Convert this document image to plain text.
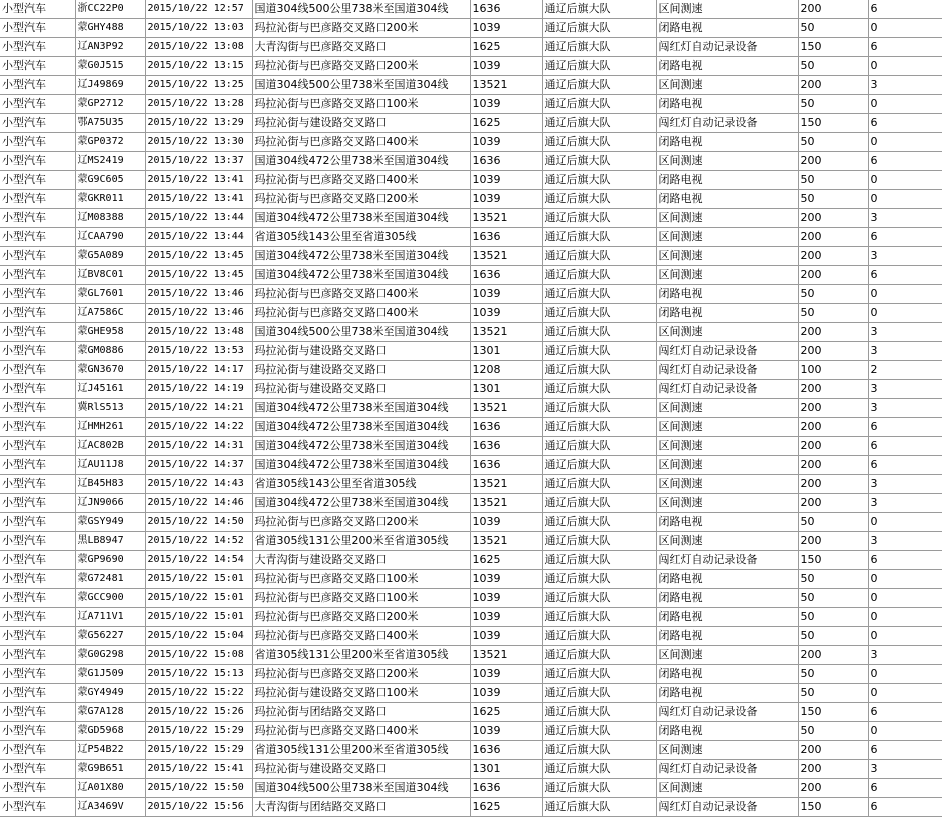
小型汽车	浙CC22P0	2015/10/22 12:57	国道304线500公里738米至国道304线	1636	通辽后旗大队	区间测速	200	6
小型汽车	蒙GHY488	2015/10/22 13:03	玛拉沁街与巴彦路交叉路口200米	1039	通辽后旗大队	闭路电视	50	0
小型汽车	辽AN3P92	2015/10/22 13:08	大青沟街与巴彦路交叉路口	1625	通辽后旗大队	闯红灯自动记录设备	150	6
小型汽车	蒙G0J515	2015/10/22 13:15	玛拉沁街与巴彦路交叉路口200米	1039	通辽后旗大队	闭路电视	50	0
小型汽车	辽J49869	2015/10/22 13:25	国道304线500公里738米至国道304线	13521	通辽后旗大队	区间测速	200	3
小型汽车	蒙GP2712	2015/10/22 13:28	玛拉沁街与巴彦路交叉路口100米	1039	通辽后旗大队	闭路电视	50	0
小型汽车	鄂A75U35	2015/10/22 13:29	玛拉沁街与建设路交叉路口	1625	通辽后旗大队	闯红灯自动记录设备	150	6
小型汽车	蒙GP0372	2015/10/22 13:30	玛拉沁街与巴彦路交叉路口400米	1039	通辽后旗大队	闭路电视	50	0
小型汽车	辽MS2419	2015/10/22 13:37	国道304线472公里738米至国道304线	1636	通辽后旗大队	区间测速	200	6
小型汽车	蒙G9C605	2015/10/22 13:41	玛拉沁街与巴彦路交叉路口400米	1039	通辽后旗大队	闭路电视	50	0
小型汽车	蒙GKR011	2015/10/22 13:41	玛拉沁街与巴彦路交叉路口200米	1039	通辽后旗大队	闭路电视	50	0
小型汽车	辽M08388	2015/10/22 13:44	国道304线472公里738米至国道304线	13521	通辽后旗大队	区间测速	200	3
小型汽车	辽CAA790	2015/10/22 13:44	省道305线143公里至省道305线	1636	通辽后旗大队	区间测速	200	6
小型汽车	蒙G5A089	2015/10/22 13:45	国道304线472公里738米至国道304线	13521	通辽后旗大队	区间测速	200	3
小型汽车	辽BV8C01	2015/10/22 13:45	国道304线472公里738米至国道304线	1636	通辽后旗大队	区间测速	200	6
小型汽车	蒙GL7601	2015/10/22 13:46	玛拉沁街与巴彦路交叉路口400米	1039	通辽后旗大队	闭路电视	50	0
小型汽车	辽A7586C	2015/10/22 13:46	玛拉沁街与巴彦路交叉路口400米	1039	通辽后旗大队	闭路电视	50	0
小型汽车	蒙GHE958	2015/10/22 13:48	国道304线500公里738米至国道304线	13521	通辽后旗大队	区间测速	200	3
小型汽车	蒙GM0886	2015/10/22 13:53	玛拉沁街与建设路交叉路口	1301	通辽后旗大队	闯红灯自动记录设备	200	3
小型汽车	蒙GN3670	2015/10/22 14:17	玛拉沁街与建设路交叉路口	1208	通辽后旗大队	闯红灯自动记录设备	100	2
小型汽车	辽J45161	2015/10/22 14:19	玛拉沁街与建设路交叉路口	1301	通辽后旗大队	闯红灯自动记录设备	200	3
小型汽车	冀RlS513	2015/10/22 14:21	国道304线472公里738米至国道304线	13521	通辽后旗大队	区间测速	200	3
小型汽车	辽HMH261	2015/10/22 14:22	国道304线472公里738米至国道304线	1636	通辽后旗大队	区间测速	200	6
小型汽车	辽AC802B	2015/10/22 14:31	国道304线472公里738米至国道304线	1636	通辽后旗大队	区间测速	200	6
小型汽车	辽AU11J8	2015/10/22 14:37	国道304线472公里738米至国道304线	1636	通辽后旗大队	区间测速	200	6
小型汽车	辽B45H83	2015/10/22 14:43	省道305线143公里至省道305线	13521	通辽后旗大队	区间测速	200	3
小型汽车	辽JN9066	2015/10/22 14:46	国道304线472公里738米至国道304线	13521	通辽后旗大队	区间测速	200	3
小型汽车	蒙GSY949	2015/10/22 14:50	玛拉沁街与巴彦路交叉路口200米	1039	通辽后旗大队	闭路电视	50	0
小型汽车	黑LB8947	2015/10/22 14:52	省道305线131公里200米至省道305线	13521	通辽后旗大队	区间测速	200	3
小型汽车	蒙GP9690	2015/10/22 14:54	大青沟街与建设路交叉路口	1625	通辽后旗大队	闯红灯自动记录设备	150	6
小型汽车	蒙G72481	2015/10/22 15:01	玛拉沁街与巴彦路交叉路口100米	1039	通辽后旗大队	闭路电视	50	0
小型汽车	蒙GCC900	2015/10/22 15:01	玛拉沁街与巴彦路交叉路口100米	1039	通辽后旗大队	闭路电视	50	0
小型汽车	辽A711V1	2015/10/22 15:01	玛拉沁街与巴彦路交叉路口200米	1039	通辽后旗大队	闭路电视	50	0
小型汽车	蒙G56227	2015/10/22 15:04	玛拉沁街与巴彦路交叉路口400米	1039	通辽后旗大队	闭路电视	50	0
小型汽车	蒙G0G298	2015/10/22 15:08	省道305线131公里200米至省道305线	13521	通辽后旗大队	区间测速	200	3
小型汽车	蒙G1J509	2015/10/22 15:13	玛拉沁街与巴彦路交叉路口200米	1039	通辽后旗大队	闭路电视	50	0
小型汽车	蒙GY4949	2015/10/22 15:22	玛拉沁街与建设路交叉路口100米	1039	通辽后旗大队	闭路电视	50	0
小型汽车	蒙G7A128	2015/10/22 15:26	玛拉沁街与团结路交叉路口	1625	通辽后旗大队	闯红灯自动记录设备	150	6
小型汽车	蒙GD5968	2015/10/22 15:29	玛拉沁街与巴彦路交叉路口400米	1039	通辽后旗大队	闭路电视	50	0
小型汽车	辽P54B22	2015/10/22 15:29	省道305线131公里200米至省道305线	1636	通辽后旗大队	区间测速	200	6
小型汽车	蒙G9B651	2015/10/22 15:41	玛拉沁街与建设路交叉路口	1301	通辽后旗大队	闯红灯自动记录设备	200	3
小型汽车	辽A01X80	2015/10/22 15:50	国道304线500公里738米至国道304线	1636	通辽后旗大队	区间测速	200	6
小型汽车	辽A3469V	2015/10/22 15:56	大青沟街与团结路交叉路口	1625	通辽后旗大队	闯红灯自动记录设备	150	6
